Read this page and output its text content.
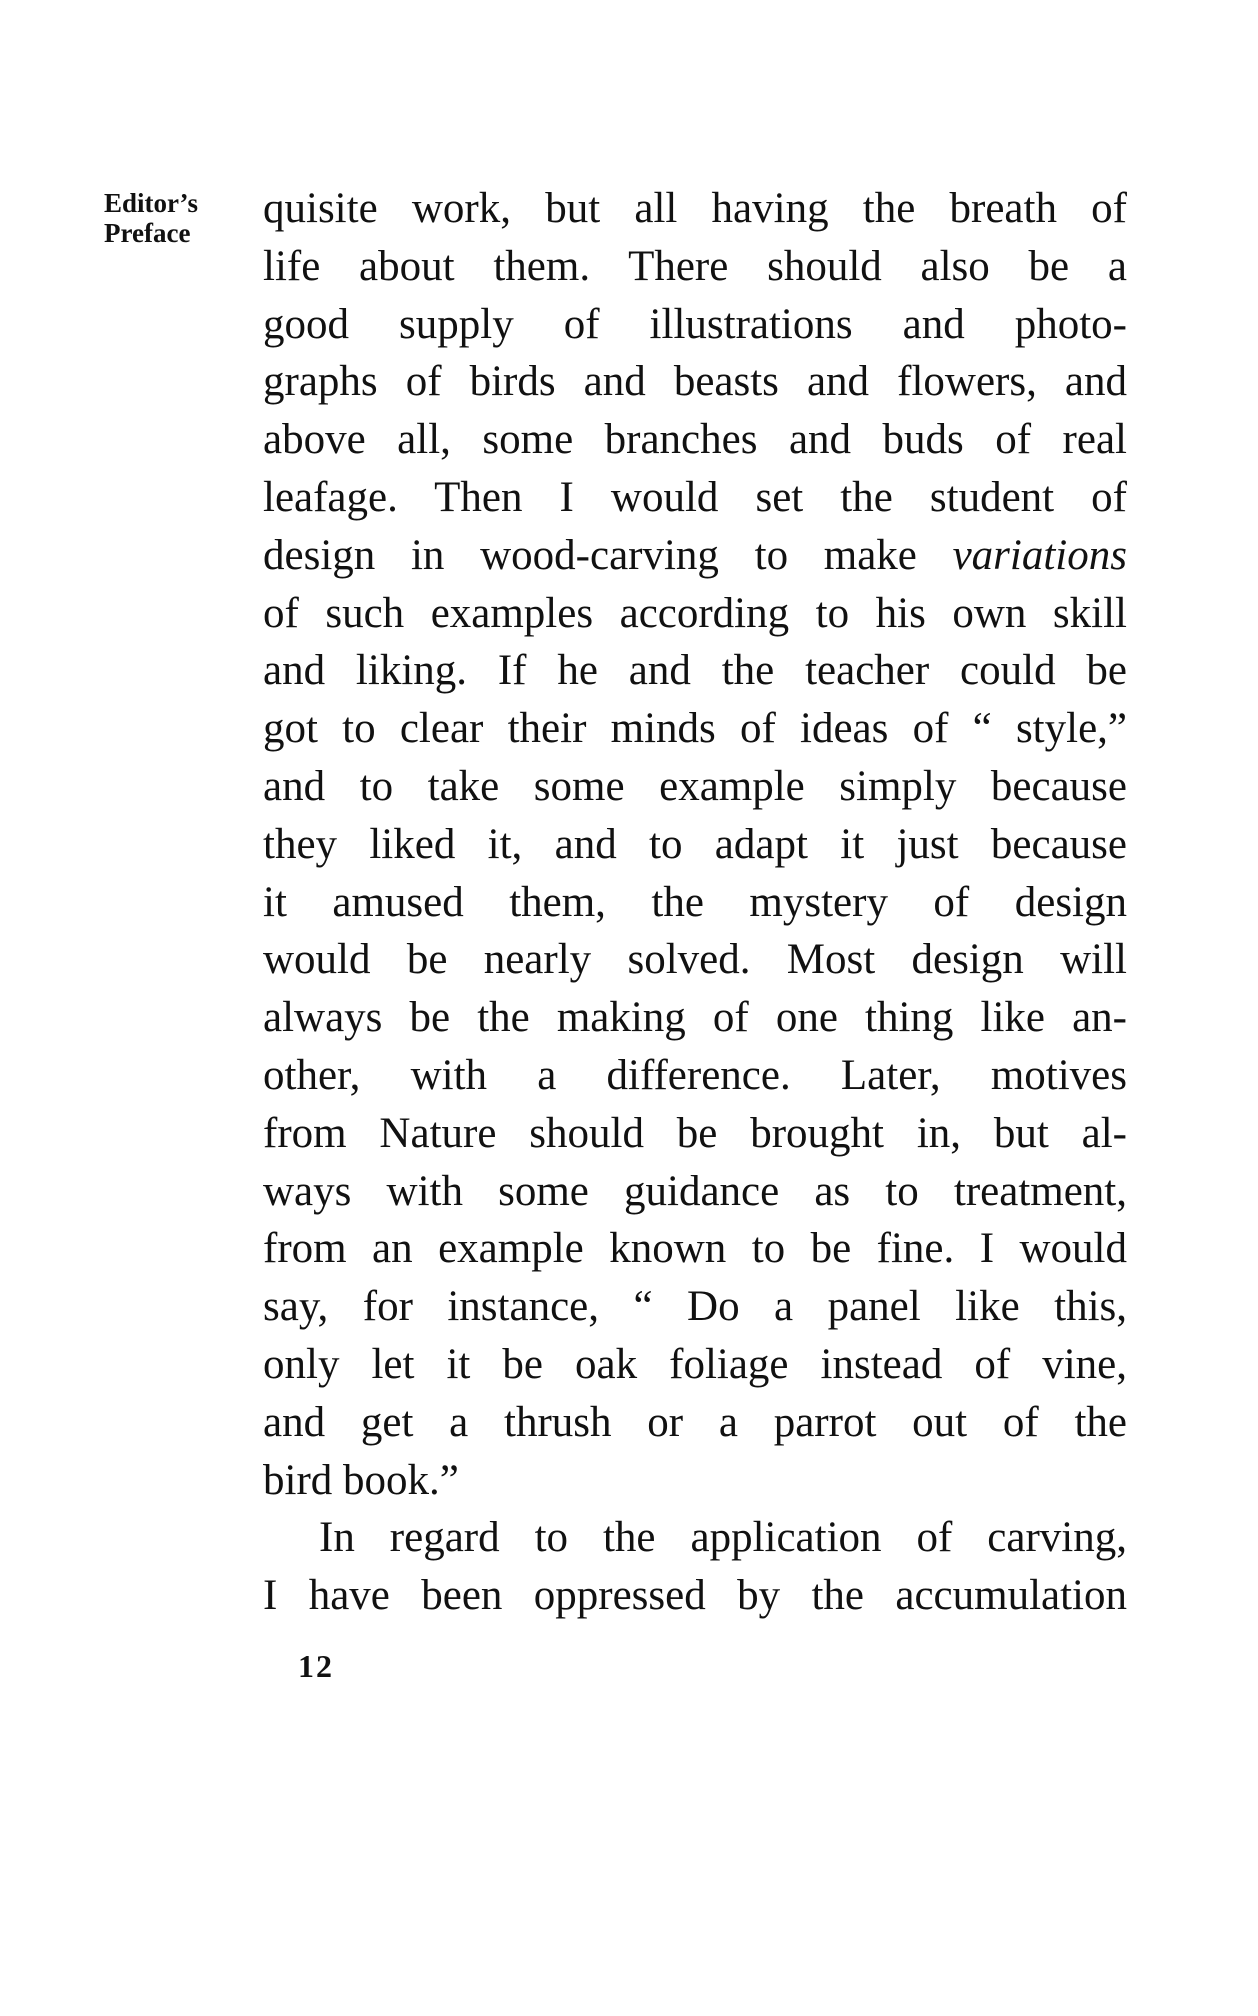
Editor’s
Preface
quisite work, but all having the breath of
life about them. There should also be a
good supply of illustrations and photo-
graphs of birds and beasts and flowers, and
above all, some branches and buds of real
leafage. Then I would set the student of
design in wood-carving to make variations
of such examples according to his own skill
and liking. If he and the teacher could be
got to clear their minds of ideas of “ style,”
and to take some example simply because
they liked it, and to adapt it just because
it amused them, the mystery of design
would be nearly solved. Most design will
always be the making of one thing like an-
other, with a difference. Later, motives
from Nature should be brought in, but al-
ways with some guidance as to treatment,
from an example known to be fine. I would
say, for instance, “ Do a panel like this,
only let it be oak foliage instead of vine,
and get a thrush or a parrot out of the
bird book.”
In regard to the application of carving,
I have been oppressed by the accumulation
12
